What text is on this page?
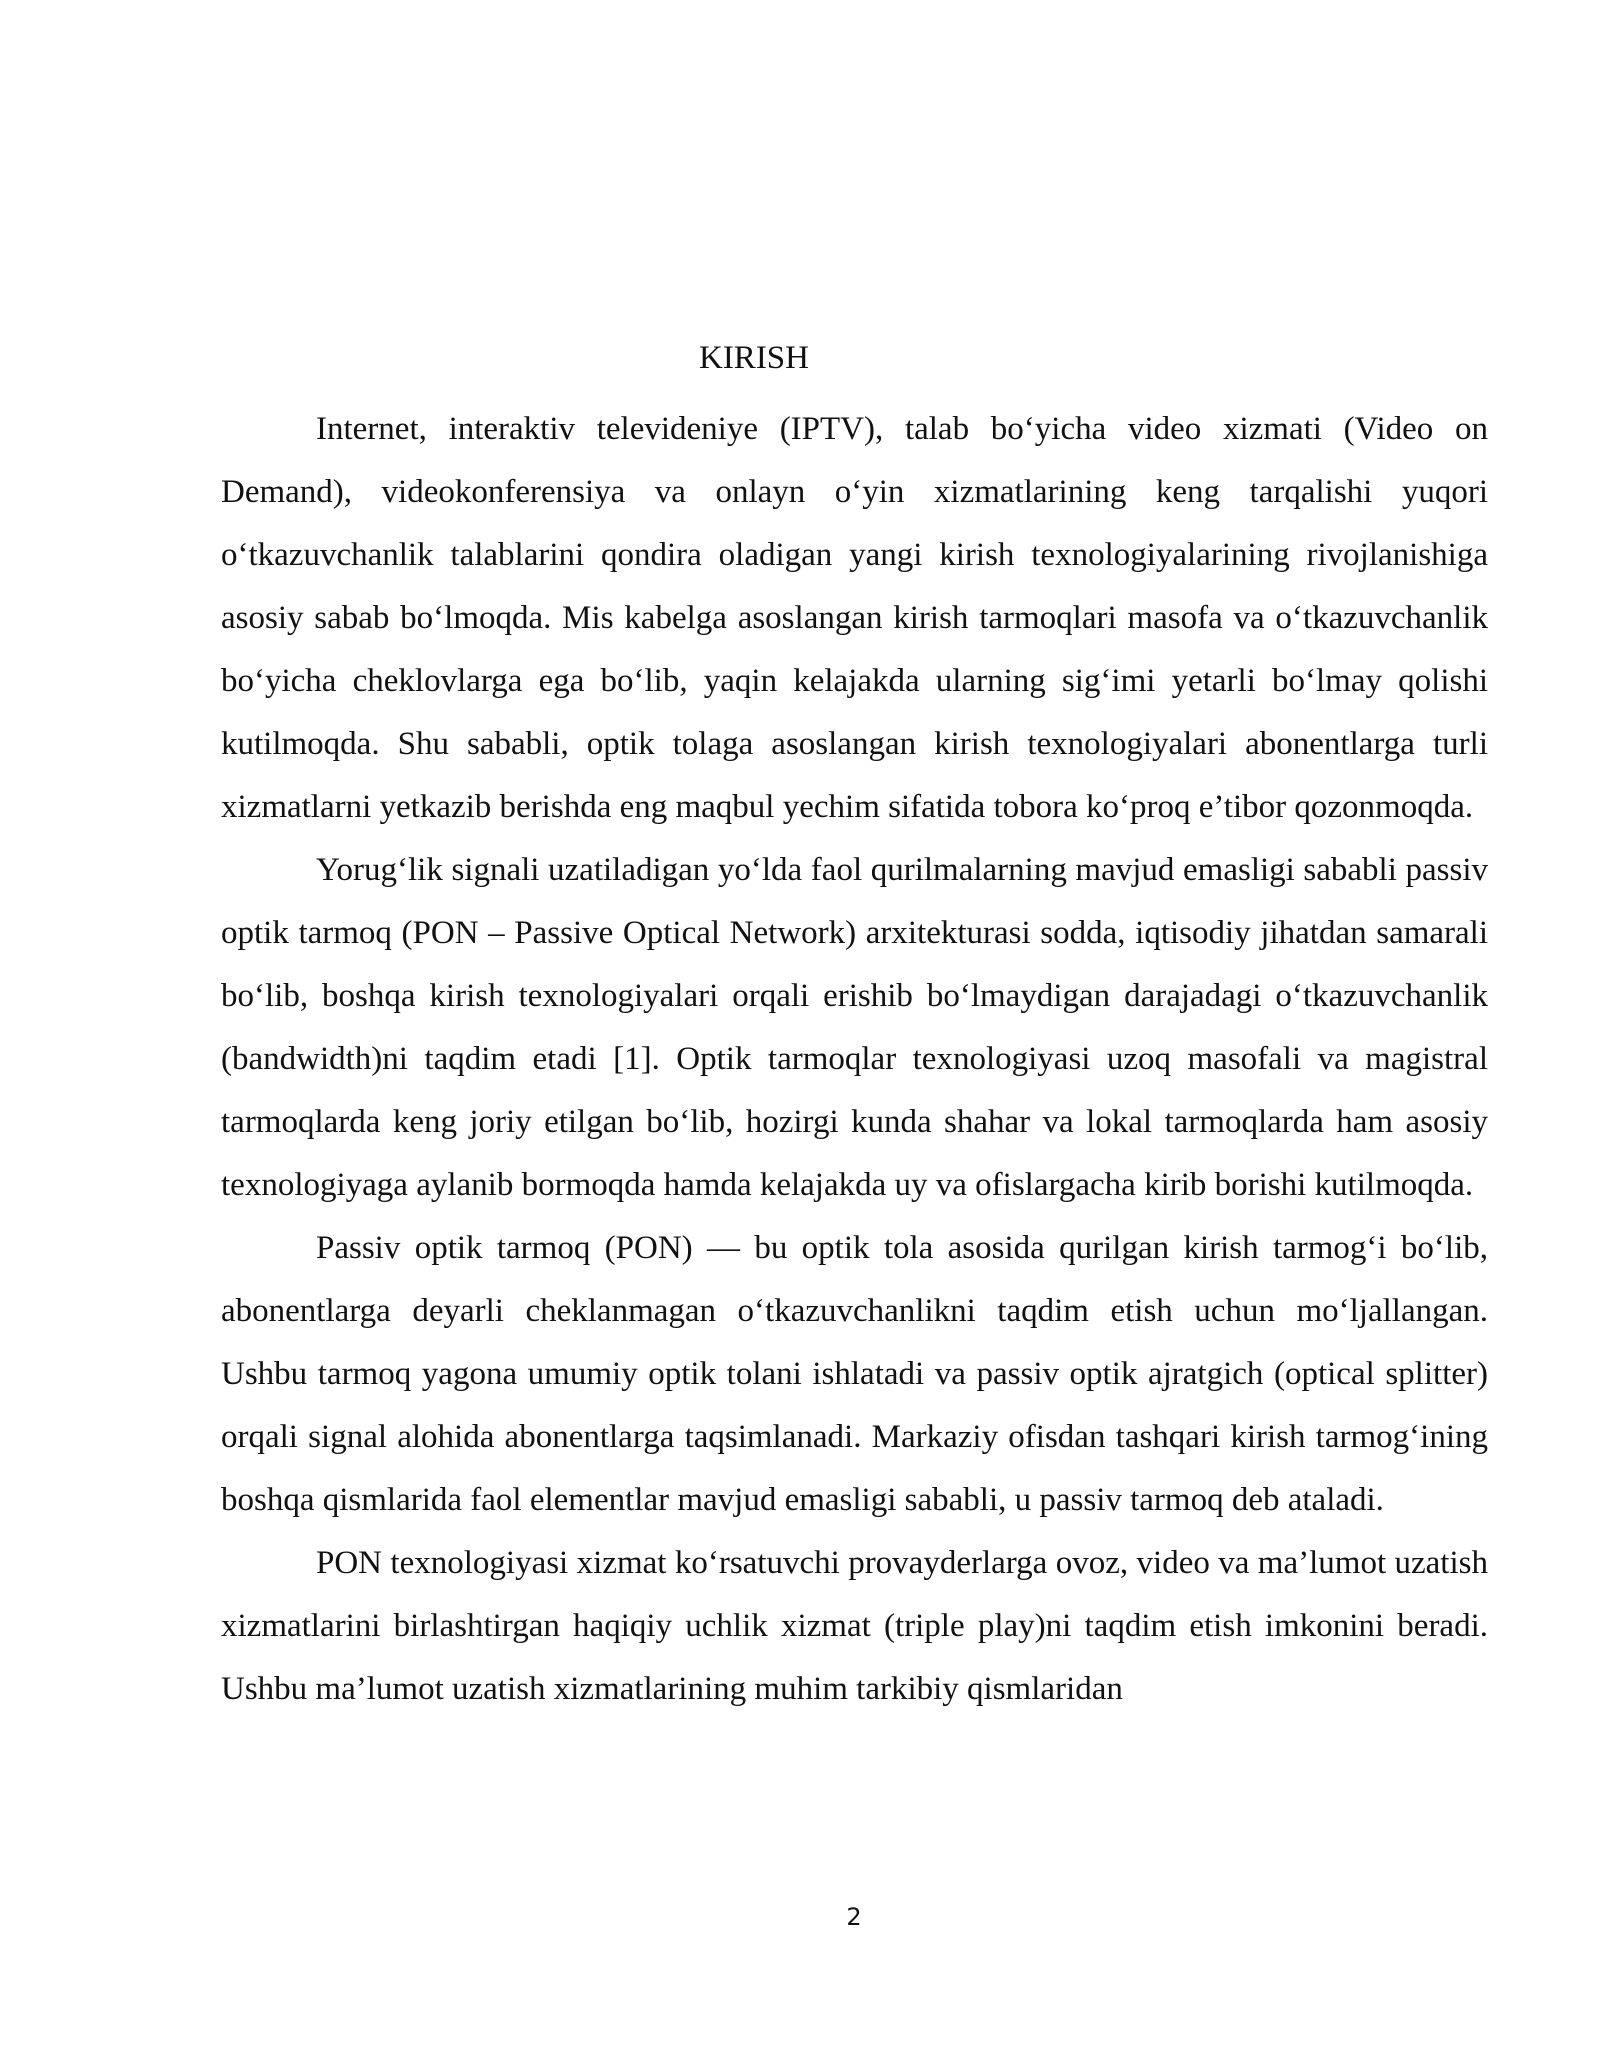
KIRISH

Internet, interaktiv televideniye (IPTV), talab bo‘yicha video xizmati (Video on Demand), videokonferensiya va onlayn o‘yin xizmatlarining keng tarqalishi yuqori o‘tkazuvchanlik talablarini qondira oladigan yangi kirish texnologiyalarining rivojlanishiga asosiy sabab bo‘lmoqda. Mis kabelga asoslangan kirish tarmoqlari masofa va o‘tkazuvchanlik bo‘yicha cheklovlarga ega bo‘lib, yaqin kelajakda ularning sig‘imi yetarli bo‘lmay qolishi kutilmoqda. Shu sababli, optik tolaga asoslangan kirish texnologiyalari abonentlarga turli xizmatlarni yetkazib berishda eng maqbul yechim sifatida tobora ko‘proq e’tibor qozonmoqda.

Yorug‘lik signali uzatiladigan yo‘lda faol qurilmalarning mavjud emasligi sababli passiv optik tarmoq (PON – Passive Optical Network) arxitekturasi sodda, iqtisodiy jihatdan samarali bo‘lib, boshqa kirish texnologiyalari orqali erishib bo‘lmaydigan darajadagi o‘tkazuvchanlik (bandwidth)ni taqdim etadi [1]. Optik tarmoqlar texnologiyasi uzoq masofali va magistral tarmoqlarda keng joriy etilgan bo‘lib, hozirgi kunda shahar va lokal tarmoqlarda ham asosiy texnologiyaga aylanib bormoqda hamda kelajakda uy va ofislargacha kirib borishi kutilmoqda.

Passiv optik tarmoq (PON) — bu optik tola asosida qurilgan kirish tarmog‘i bo‘lib, abonentlarga deyarli cheklanmagan o‘tkazuvchanlikni taqdim etish uchun mo‘ljallangan. Ushbu tarmoq yagona umumiy optik tolani ishlatadi va passiv optik ajratgich (optical splitter) orqali signal alohida abonentlarga taqsimlanadi. Markaziy ofisdan tashqari kirish tarmog‘ining boshqa qismlarida faol elementlar mavjud emasligi sababli, u passiv tarmoq deb ataladi.

PON texnologiyasi xizmat ko‘rsatuvchi provayderlarga ovoz, video va ma’lumot uzatish xizmatlarini birlashtirgan haqiqiy uchlik xizmat (triple play)ni taqdim etish imkonini beradi. Ushbu ma’lumot uzatish xizmatlarining muhim tarkibiy qismlaridan

2
